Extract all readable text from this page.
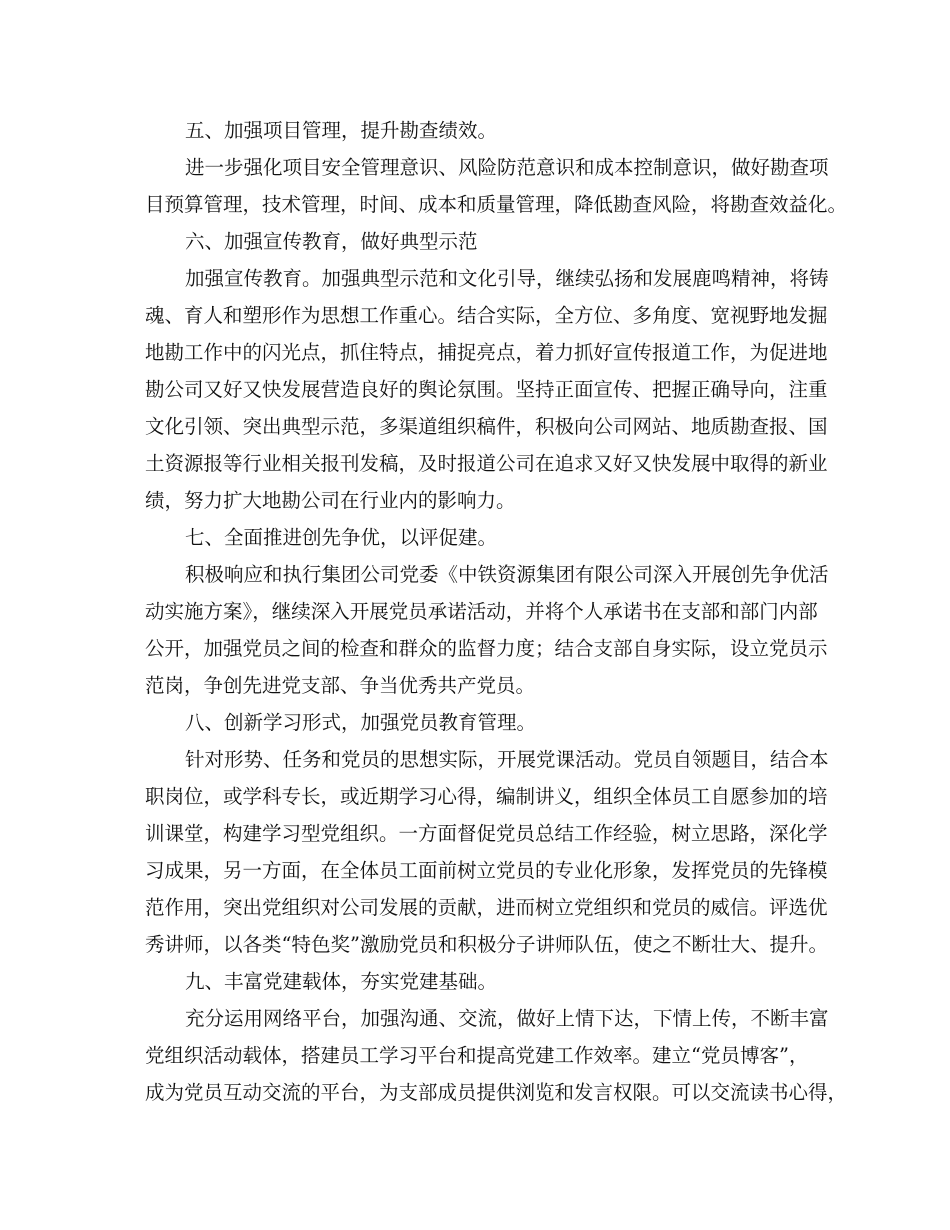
五、加强项目管理，提升勘查绩效。
进一步强化项目安全管理意识、风险防范意识和成本控制意识，做好勘查项
目预算管理，技术管理，时间、成本和质量管理，降低勘查风险，将勘查效益化。
六、加强宣传教育，做好典型示范
加强宣传教育。加强典型示范和文化引导，继续弘扬和发展鹿鸣精神，将铸
魂、育人和塑形作为思想工作重心。结合实际，全方位、多角度、宽视野地发掘
地勘工作中的闪光点，抓住特点，捕捉亮点，着力抓好宣传报道工作，为促进地
勘公司又好又快发展营造良好的舆论氛围。坚持正面宣传、把握正确导向，注重
文化引领、突出典型示范，多渠道组织稿件，积极向公司网站、地质勘查报、国
土资源报等行业相关报刊发稿，及时报道公司在追求又好又快发展中取得的新业
绩，努力扩大地勘公司在行业内的影响力。
七、全面推进创先争优，以评促建。
积极响应和执行集团公司党委《中铁资源集团有限公司深入开展创先争优活
动实施方案》，继续深入开展党员承诺活动，并将个人承诺书在支部和部门内部
公开，加强党员之间的检查和群众的监督力度；结合支部自身实际，设立党员示
范岗，争创先进党支部、争当优秀共产党员。
八、创新学习形式，加强党员教育管理。
针对形势、任务和党员的思想实际，开展党课活动。党员自领题目，结合本
职岗位，或学科专长，或近期学习心得，编制讲义，组织全体员工自愿参加的培
训课堂，构建学习型党组织。一方面督促党员总结工作经验，树立思路，深化学
习成果，另一方面，在全体员工面前树立党员的专业化形象，发挥党员的先锋模
范作用，突出党组织对公司发展的贡献，进而树立党组织和党员的威信。评选优
秀讲师，以各类“特色奖”激励党员和积极分子讲师队伍，使之不断壮大、提升。
九、丰富党建载体，夯实党建基础。
充分运用网络平台，加强沟通、交流，做好上情下达，下情上传，不断丰富
党组织活动载体，搭建员工学习平台和提高党建工作效率。建立“党员博客”，
成为党员互动交流的平台，为支部成员提供浏览和发言权限。可以交流读书心得，
